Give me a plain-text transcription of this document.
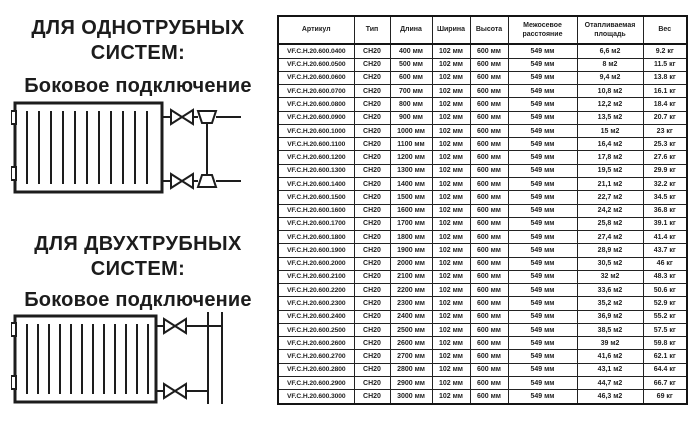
ДЛЯ ОДНОТРУБНЫХ
СИСТЕМ:
Боковое подключение
ДЛЯ ДВУХТРУБНЫХ
СИСТЕМ:
Боковое подключение
Артикул	Тип	Длина	Ширина	Высота	Межосевое расстояние	Отапливаемая площадь	Вес
VF.C.H.20.600.0400	CH20	400 мм	102 мм	600 мм	549 мм	6,6 м2	9.2 кг
VF.C.H.20.600.0500	CH20	500 мм	102 мм	600 мм	549 мм	8 м2	11.5 кг
VF.C.H.20.600.0600	CH20	600 мм	102 мм	600 мм	549 мм	9,4 м2	13.8 кг
VF.C.H.20.600.0700	CH20	700 мм	102 мм	600 мм	549 мм	10,8 м2	16.1 кг
VF.C.H.20.600.0800	CH20	800 мм	102 мм	600 мм	549 мм	12,2 м2	18.4 кг
VF.C.H.20.600.0900	CH20	900 мм	102 мм	600 мм	549 мм	13,5 м2	20.7 кг
VF.C.H.20.600.1000	CH20	1000 мм	102 мм	600 мм	549 мм	15 м2	23 кг
VF.C.H.20.600.1100	CH20	1100 мм	102 мм	600 мм	549 мм	16,4 м2	25.3 кг
VF.C.H.20.600.1200	CH20	1200 мм	102 мм	600 мм	549 мм	17,8 м2	27.6 кг
VF.C.H.20.600.1300	CH20	1300 мм	102 мм	600 мм	549 мм	19,5 м2	29.9 кг
VF.C.H.20.600.1400	CH20	1400 мм	102 мм	600 мм	549 мм	21,1 м2	32.2 кг
VF.C.H.20.600.1500	CH20	1500 мм	102 мм	600 мм	549 мм	22,7 м2	34.5 кг
VF.C.H.20.600.1600	CH20	1600 мм	102 мм	600 мм	549 мм	24,2 м2	36.8 кг
VF.C.H.20.600.1700	CH20	1700 мм	102 мм	600 мм	549 мм	25,8 м2	39.1 кг
VF.C.H.20.600.1800	CH20	1800 мм	102 мм	600 мм	549 мм	27,4 м2	41.4 кг
VF.C.H.20.600.1900	CH20	1900 мм	102 мм	600 мм	549 мм	28,9 м2	43.7 кг
VF.C.H.20.600.2000	CH20	2000 мм	102 мм	600 мм	549 мм	30,5 м2	46 кг
VF.C.H.20.600.2100	CH20	2100 мм	102 мм	600 мм	549 мм	32 м2	48.3 кг
VF.C.H.20.600.2200	CH20	2200 мм	102 мм	600 мм	549 мм	33,6 м2	50.6 кг
VF.C.H.20.600.2300	CH20	2300 мм	102 мм	600 мм	549 мм	35,2 м2	52.9 кг
VF.C.H.20.600.2400	CH20	2400 мм	102 мм	600 мм	549 мм	36,9 м2	55.2 кг
VF.C.H.20.600.2500	CH20	2500 мм	102 мм	600 мм	549 мм	38,5 м2	57.5 кг
VF.C.H.20.600.2600	CH20	2600 мм	102 мм	600 мм	549 мм	39 м2	59.8 кг
VF.C.H.20.600.2700	CH20	2700 мм	102 мм	600 мм	549 мм	41,6 м2	62.1 кг
VF.C.H.20.600.2800	CH20	2800 мм	102 мм	600 мм	549 мм	43,1 м2	64.4 кг
VF.C.H.20.600.2900	CH20	2900 мм	102 мм	600 мм	549 мм	44,7 м2	66.7 кг
VF.C.H.20.600.3000	CH20	3000 мм	102 мм	600 мм	549 мм	46,3 м2	69 кг
